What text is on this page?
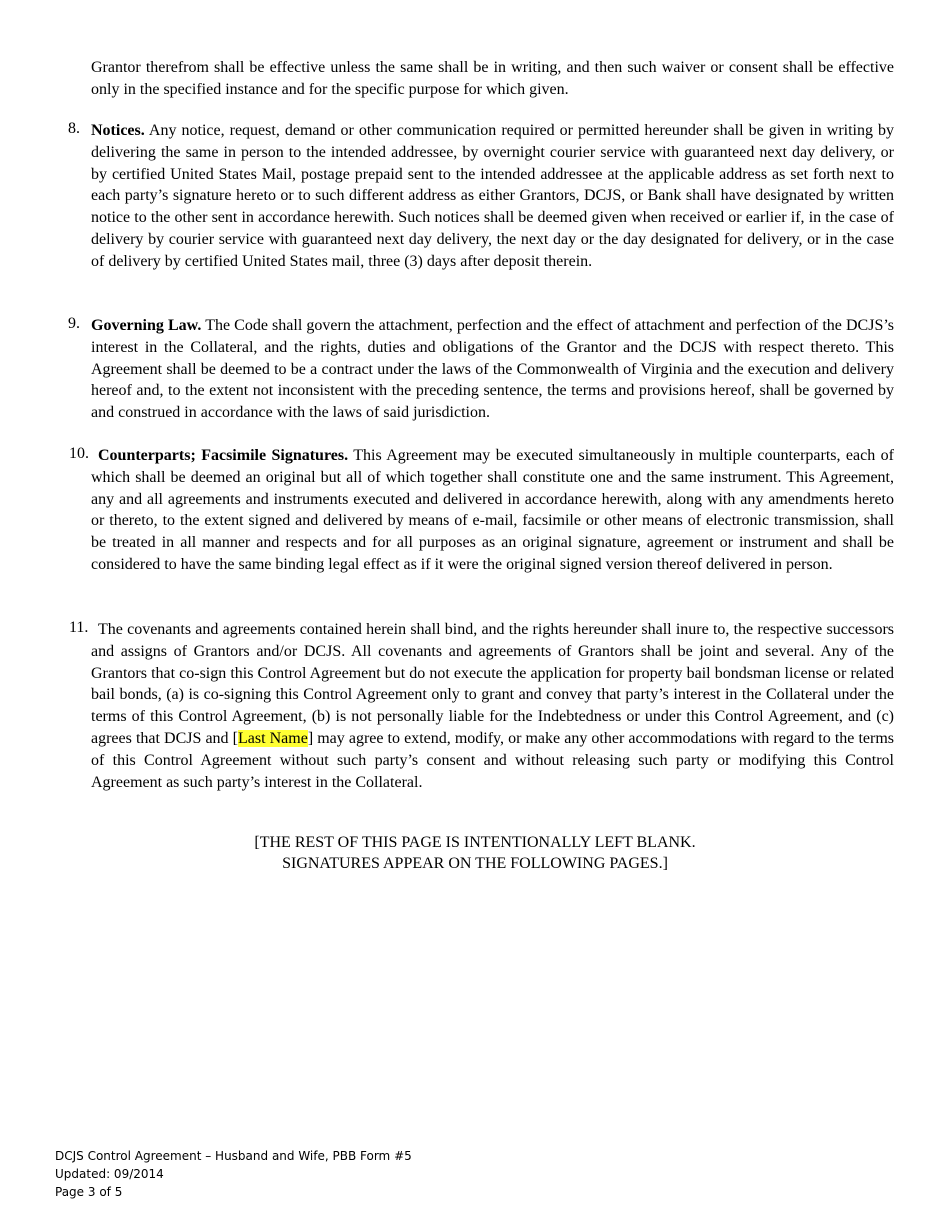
Grantor therefrom shall be effective unless the same shall be in writing, and then such waiver or consent shall be effective only in the specified instance and for the specific purpose for which given.

8. Notices. Any notice, request, demand or other communication required or permitted hereunder shall be given in writing by delivering the same in person to the intended addressee, by overnight courier service with guaranteed next day delivery, or by certified United States Mail, postage prepaid sent to the intended addressee at the applicable address as set forth next to each party’s signature hereto or to such different address as either Grantors, DCJS, or Bank shall have designated by written notice to the other sent in accordance herewith. Such notices shall be deemed given when received or earlier if, in the case of delivery by courier service with guaranteed next day delivery, the next day or the day designated for delivery, or in the case of delivery by certified United States mail, three (3) days after deposit therein.
9. Governing Law. The Code shall govern the attachment, perfection and the effect of attachment and perfection of the DCJS’s interest in the Collateral, and the rights, duties and obligations of the Grantor and the DCJS with respect thereto. This Agreement shall be deemed to be a contract under the laws of the Commonwealth of Virginia and the execution and delivery hereof and, to the extent not inconsistent with the preceding sentence, the terms and provisions hereof, shall be governed by and construed in accordance with the laws of said jurisdiction.
10. Counterparts; Facsimile Signatures. This Agreement may be executed simultaneously in multiple counterparts, each of which shall be deemed an original but all of which together shall constitute one and the same instrument. This Agreement, any and all agreements and instruments executed and delivered in accordance herewith, along with any amendments hereto or thereto, to the extent signed and delivered by means of e-mail, facsimile or other means of electronic transmission, shall be treated in all manner and respects and for all purposes as an original signature, agreement or instrument and shall be considered to have the same binding legal effect as if it were the original signed version thereof delivered in person.
11. The covenants and agreements contained herein shall bind, and the rights hereunder shall inure to, the respective successors and assigns of Grantors and/or DCJS. All covenants and agreements of Grantors shall be joint and several. Any of the Grantors that co-sign this Control Agreement but do not execute the application for property bail bondsman license or related bail bonds, (a) is co-signing this Control Agreement only to grant and convey that party’s interest in the Collateral under the terms of this Control Agreement, (b) is not personally liable for the Indebtedness or under this Control Agreement, and (c) agrees that DCJS and [Last Name] may agree to extend, modify, or make any other accommodations with regard to the terms of this Control Agreement without such party’s consent and without releasing such party or modifying this Control Agreement as such party’s interest in the Collateral.

[THE REST OF THIS PAGE IS INTENTIONALLY LEFT BLANK.

SIGNATURES APPEAR ON THE FOLLOWING PAGES.]

DCJS Control Agreement – Husband and Wife, PBB Form #5
Updated: 09/2014
Page 3 of 5
